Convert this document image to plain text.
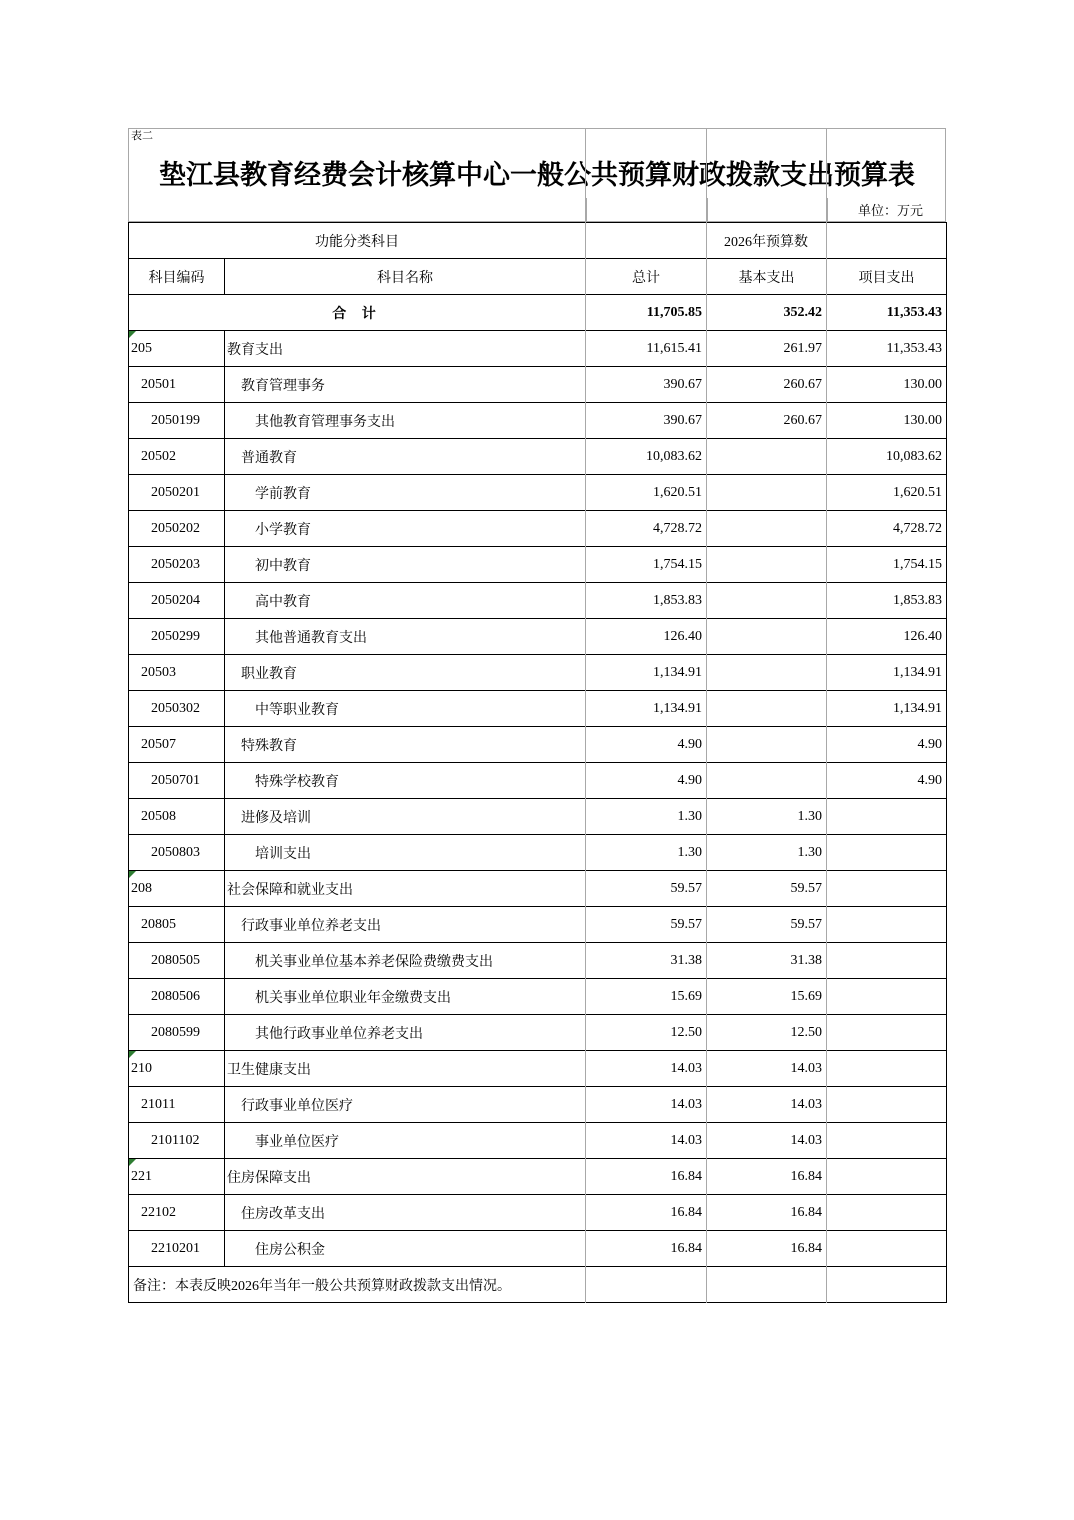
表二
垫江县教育经费会计核算中心一般公共预算财政拨款支出预算表
单位：万元
功能分类科目		2026年预算数		
科目编码	科目名称	总计	基本支出	项目支出
合 计		11,705.85	352.42	11,353.43
205	教育支出	11,615.41	261.97	11,353.43
20501	教育管理事务	390.67	260.67	130.00
2050199	其他教育管理事务支出	390.67	260.67	130.00
20502	普通教育	10,083.62		10,083.62
2050201	学前教育	1,620.51		1,620.51
2050202	小学教育	4,728.72		4,728.72
2050203	初中教育	1,754.15		1,754.15
2050204	高中教育	1,853.83		1,853.83
2050299	其他普通教育支出	126.40		126.40
20503	职业教育	1,134.91		1,134.91
2050302	中等职业教育	1,134.91		1,134.91
20507	特殊教育	4.90		4.90
2050701	特殊学校教育	4.90		4.90
20508	进修及培训	1.30	1.30	
2050803	培训支出	1.30	1.30	
208	社会保障和就业支出	59.57	59.57	
20805	行政事业单位养老支出	59.57	59.57	
2080505	机关事业单位基本养老保险费缴费支出	31.38	31.38	
2080506	机关事业单位职业年金缴费支出	15.69	15.69	
2080599	其他行政事业单位养老支出	12.50	12.50	
210	卫生健康支出	14.03	14.03	
21011	行政事业单位医疗	14.03	14.03	
2101102	事业单位医疗	14.03	14.03	
221	住房保障支出	16.84	16.84	
22102	住房改革支出	16.84	16.84	
2210201	住房公积金	16.84	16.84	
备注：本表反映2026年当年一般公共预算财政拨款支出情况。				
